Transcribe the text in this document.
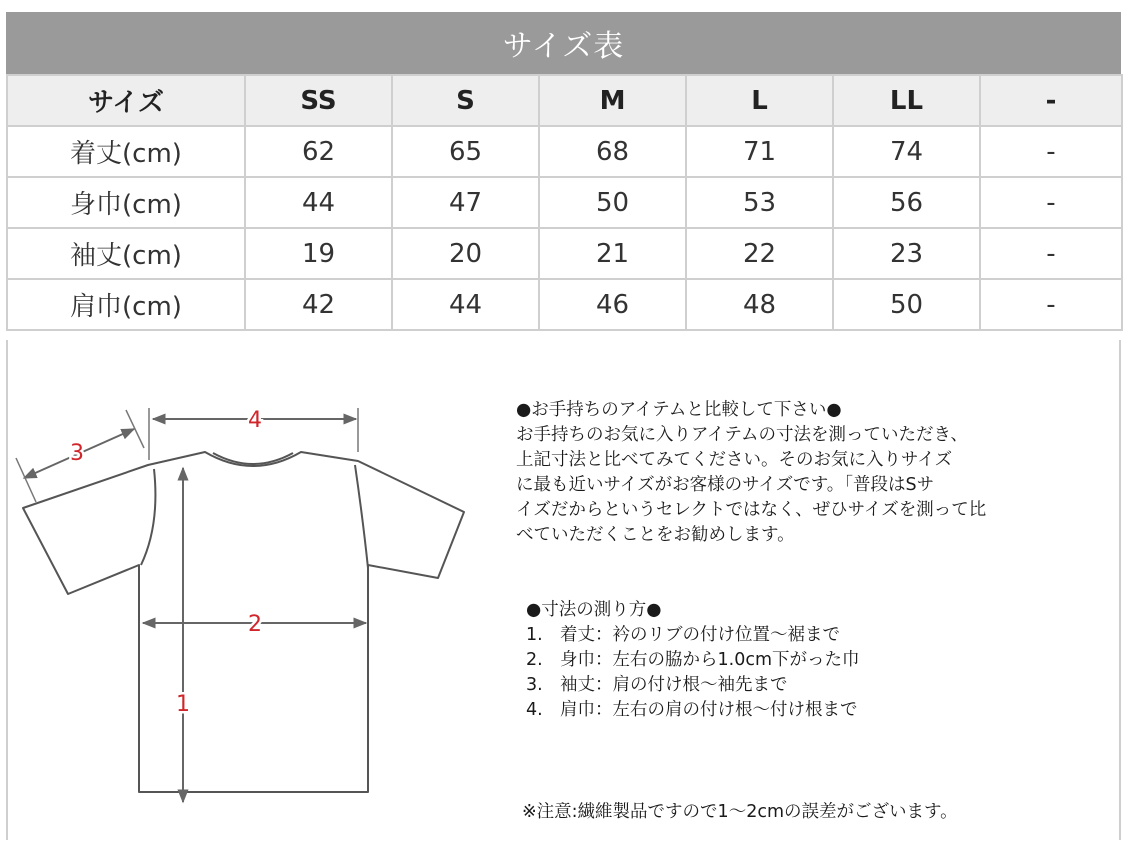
サイズ表
サイズ	SS	S	M	L	LL	-
着丈(cm)	62	65	68	71	74	-
身巾(cm)	44	47	50	53	56	-
袖丈(cm)	19	20	21	22	23	-
肩巾(cm)	42	44	46	48	50	-
1
2
3
4	●お手持ちのアイテムと比較して下さい●

お手持ちのお気に入りアイテムの寸法を測っていただき、

上記寸法と比べてみてください。そのお気に入りサイズ

に最も近いサイズがお客様のサイズです。「普段はSサ

イズだからというセレクトではなく、ぜひサイズを測って比

べていただくことをお勧めします。

●寸法の測り方●
1. 着丈：衿のリブの付け位置～裾まで
2. 身巾：左右の脇から1.0cm下がった巾
3. 袖丈：肩の付け根～袖先まで
4. 肩巾：左右の肩の付け根～付け根まで
※注意:繊維製品ですので1～2cmの誤差がございます。
